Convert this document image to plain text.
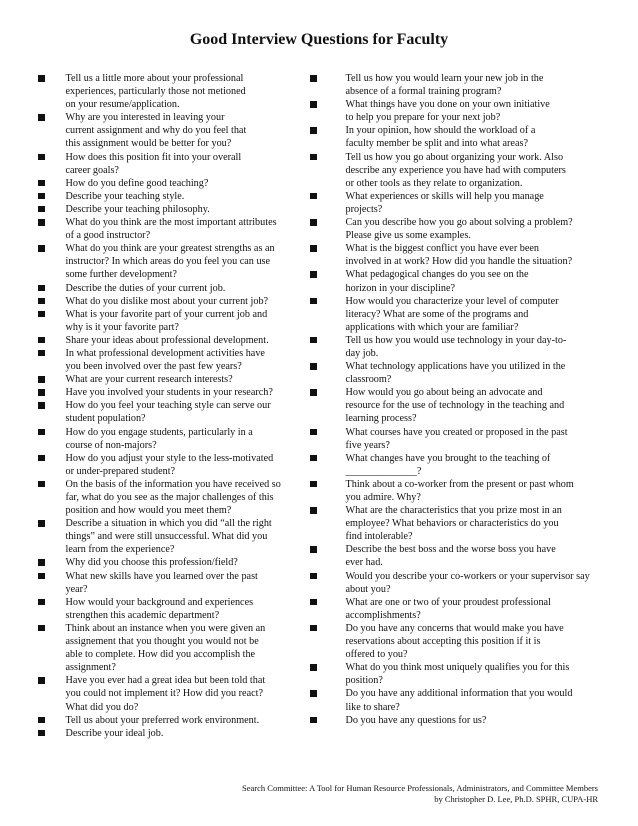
Good Interview Questions for Faculty
Tell us a little more about your professional
experiences, particularly those not metioned
on your resume/application.
Why are you interested in leaving your
current assignment and why do you feel that
this assignment would be better for you?
How does this position fit into your overall
career goals?
How do you define good teaching?
Describe your teaching style.
Describe your teaching philosophy.
What do you think are the most important attributes
of a good instructor?
What do you think are your greatest strengths as an
instructor? In which areas do you feel you can use
some further development?
Describe the duties of your current job.
What do you dislike most about your current job?
What is your favorite part of your current job and
why is it your favorite part?
Share your ideas about professional development.
In what professional development activities have
you been involved over the past few years?
What are your current research interests?
Have you involved your students in your research?
How do you feel your teaching style can serve our
student population?
How do you engage students, particularly in a
course of non-majors?
How do you adjust your style to the less-motivated
or under-prepared student?
On the basis of the information you have received so
far, what do you see as the major challenges of this
position and how would you meet them?
Describe a situation in which you did “all the right
things” and were still unsuccessful. What did you
learn from the experience?
Why did you choose this profession/field?
What new skills have you learned over the past
year?
How would your background and experiences
strengthen this academic department?
Think about an instance when you were given an
assignement that you thought you would not be
able to complete. How did you accomplish the
assignment?
Have you ever had a great idea but been told that
you could not implement it? How did you react?
What did you do?
Tell us about your preferred work environment.
Describe your ideal job.
Tell us how you would learn your new job in the
absence of a formal training program?
What things have you done on your own initiative
to help you prepare for your next job?
In your opinion, how should the workload of a
faculty member be split and into what areas?
Tell us how you go about organizing your work. Also
describe any experience you have had with computers
or other tools as they relate to organization.
What experiences or skills will help you manage
projects?
Can you describe how you go about solving a problem?
Please give us some examples.
What is the biggest conflict you have ever been
involved in at work? How did you handle the situation?
What pedagogical changes do you see on the
horizon in your discipline?
How would you characterize your level of computer
literacy? What are some of the programs and
applications with which your are familiar?
Tell us how you would use technology in your day-to-
day job.
What technology applications have you utilized in the
classroom?
How would you go about being an advocate and
resource for the use of technology in the teaching and
learning process?
What courses have you created or proposed in the past
five years?
What changes have you brought to the teaching of
______________?
Think about a co-worker from the present or past whom
you admire. Why?
What are the characteristics that you prize most in an
employee? What behaviors or characteristics do you
find intolerable?
Describe the best boss and the worse boss you have
ever had.
Would you describe your co-workers or your supervisor say
about you?
What are one or two of your proudest professional
accomplishments?
Do you have any concerns that would make you have
reservations about accepting this position if it is
offered to you?
What do you think most uniquely qualifies you for this
position?
Do you have any additional information that you would
like to share?
Do you have any questions for us?
Search Committee: A Tool for Human Resource Professionals, Administrators, and Committee Members
by Christopher D. Lee, Ph.D. SPHR, CUPA-HR
